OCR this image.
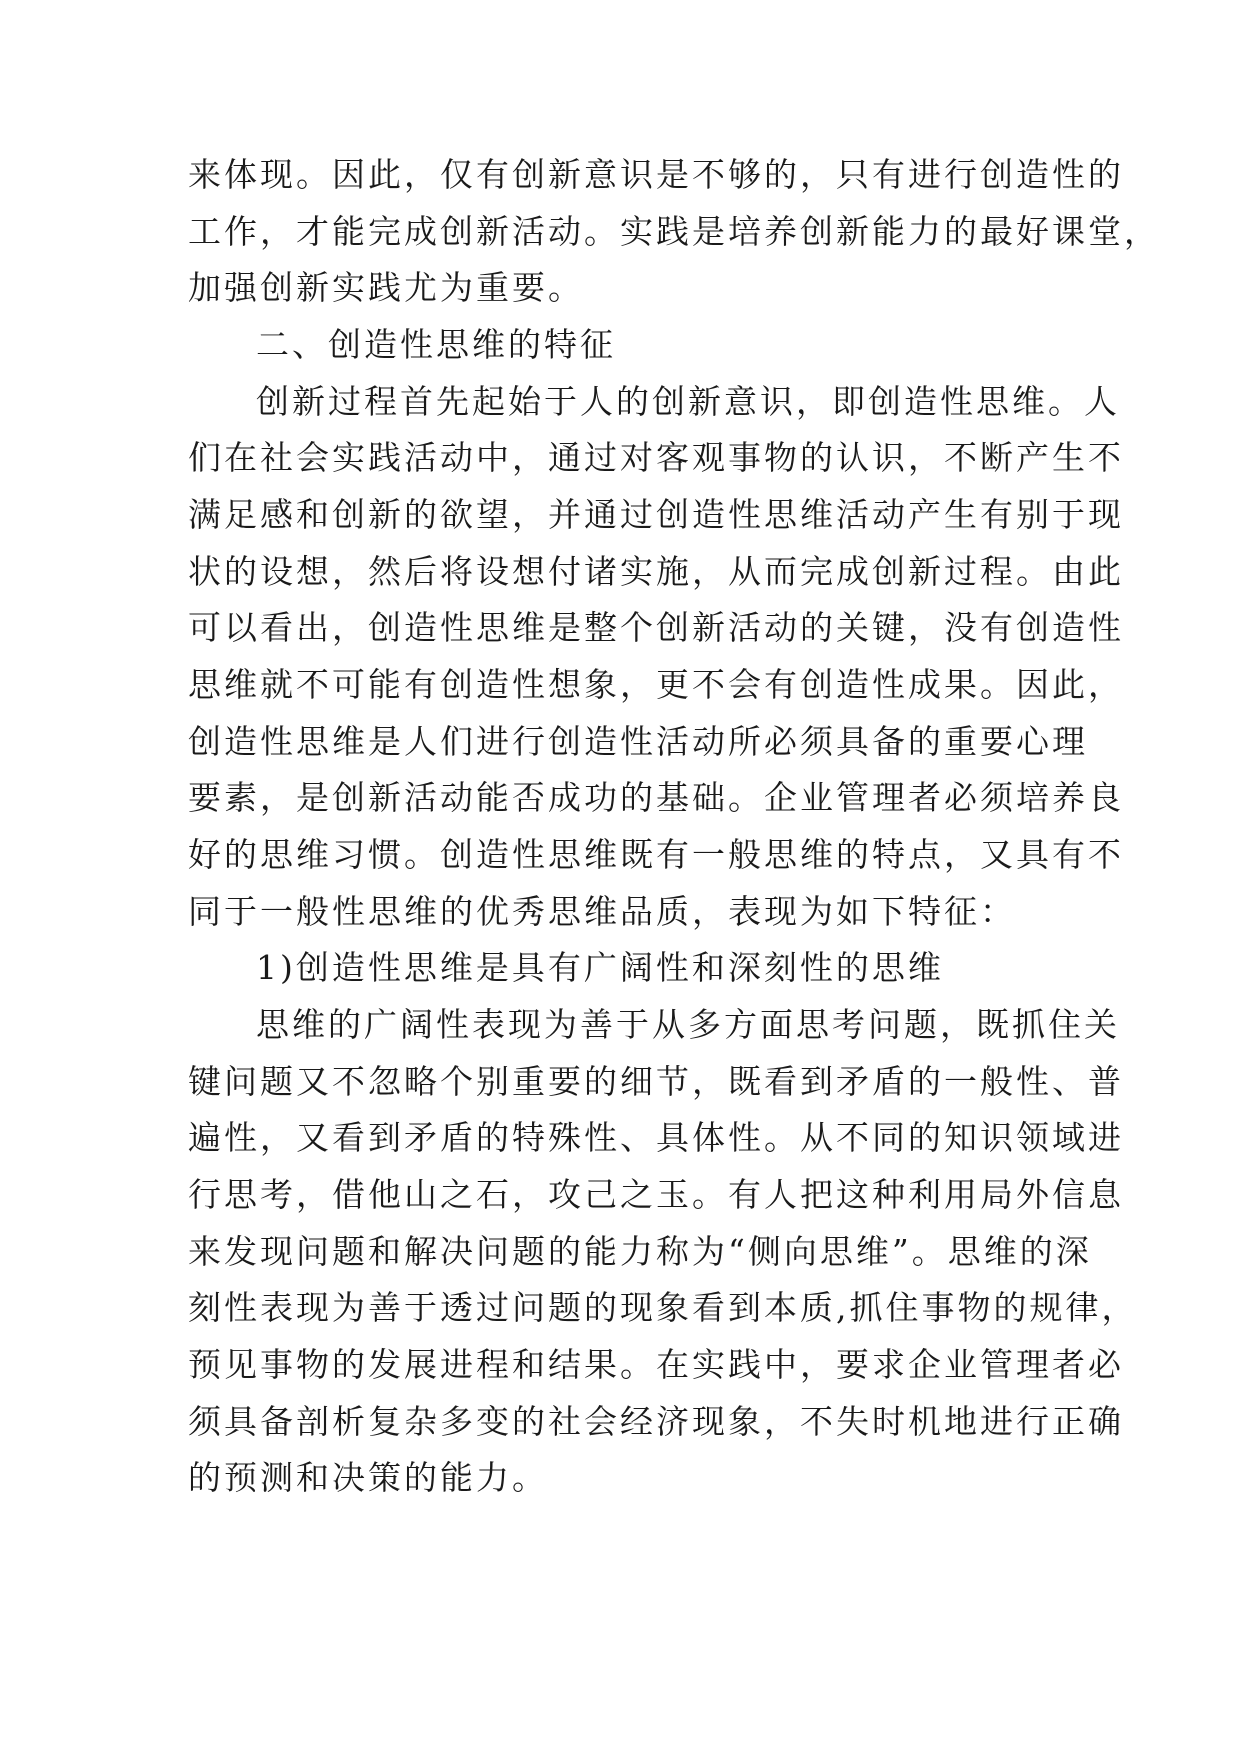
来体现。因此，仅有创新意识是不够的，只有进行创造性的
工作，才能完成创新活动。实践是培养创新能力的最好课堂，
加强创新实践尤为重要。
二、创造性思维的特征
创新过程首先起始于人的创新意识，即创造性思维。人
们在社会实践活动中，通过对客观事物的认识，不断产生不
满足感和创新的欲望，并通过创造性思维活动产生有别于现
状的设想，然后将设想付诸实施，从而完成创新过程。由此
可以看出，创造性思维是整个创新活动的关键，没有创造性
思维就不可能有创造性想象，更不会有创造性成果。因此，
创造性思维是人们进行创造性活动所必须具备的重要心理
要素，是创新活动能否成功的基础。企业管理者必须培养良
好的思维习惯。创造性思维既有一般思维的特点，又具有不
同于一般性思维的优秀思维品质，表现为如下特征：
1)创造性思维是具有广阔性和深刻性的思维
思维的广阔性表现为善于从多方面思考问题，既抓住关
键问题又不忽略个别重要的细节，既看到矛盾的一般性、普
遍性，又看到矛盾的特殊性、具体性。从不同的知识领域进
行思考，借他山之石，攻己之玉。有人把这种利用局外信息
来发现问题和解决问题的能力称为“侧向思维”。思维的深
刻性表现为善于透过问题的现象看到本质,抓住事物的规律，
预见事物的发展进程和结果。在实践中，要求企业管理者必
须具备剖析复杂多变的社会经济现象，不失时机地进行正确
的预测和决策的能力。
